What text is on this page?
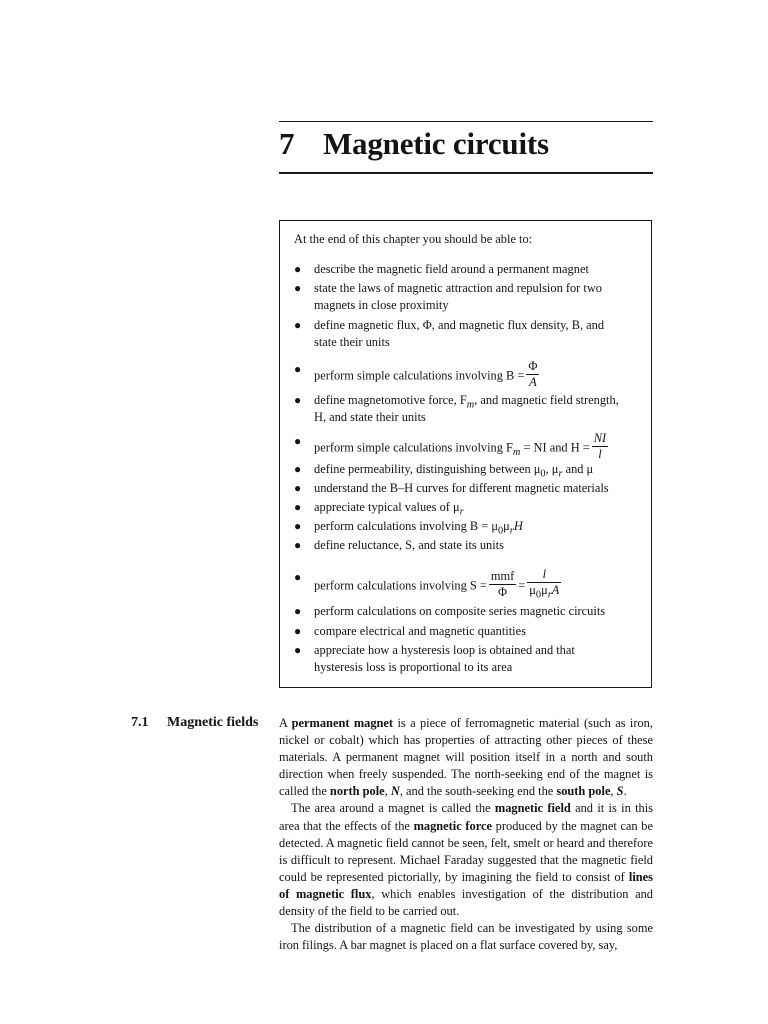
7 Magnetic circuits
At the end of this chapter you should be able to:
● describe the magnetic field around a permanent magnet
● state the laws of magnetic attraction and repulsion for two
magnets in close proximity
● define magnetic flux, Φ, and magnetic flux density, B, and
state their units
● perform simple calculations involving $B = \frac{\Phi}{A}$
● define magnetomotive force, $F_m$, and magnetic field strength,
H, and state their units
● perform simple calculations involving $F_m$ = NI and $H = \frac{NI}{l}$
● define permeability, distinguishing between $\mu_0$, $\mu_r$ and μ
● understand the B–H curves for different magnetic materials
● appreciate typical values of $\mu_r$
● perform calculations involving $B = \mu_0\mu_rH$
● define reluctance, S, and state its units
●
perform calculations involving $S = \frac{\text{mmf}}{\Phi} = \frac{l}{\mu_0\mu_rA}$
● perform calculations on composite series magnetic circuits
● compare electrical and magnetic quantities
● appreciate how a hysteresis loop is obtained and that
hysteresis loss is proportional to its area
7.1 Magnetic fields A permanent magnet is a piece of ferromagnetic material (such as iron, nickel or cobalt) which has properties of attracting other pieces of these materials. A permanent magnet will position itself in a north and south direction when freely suspended. The north-seeking end of the magnet is called the north pole, N, and the south-seeking end the south pole, S.

The area around a magnet is called the magnetic field and it is in this area that the effects of the magnetic force produced by the magnet can be detected. A magnetic field cannot be seen, felt, smelt or heard and therefore is difficult to represent. Michael Faraday suggested that the magnetic field could be represented pictorially, by imagining the field to consist of lines of magnetic flux, which enables investigation of the distribution and density of the field to be carried out.

The distribution of a magnetic field can be investigated by using some iron filings. A bar magnet is placed on a flat surface covered by, say,
